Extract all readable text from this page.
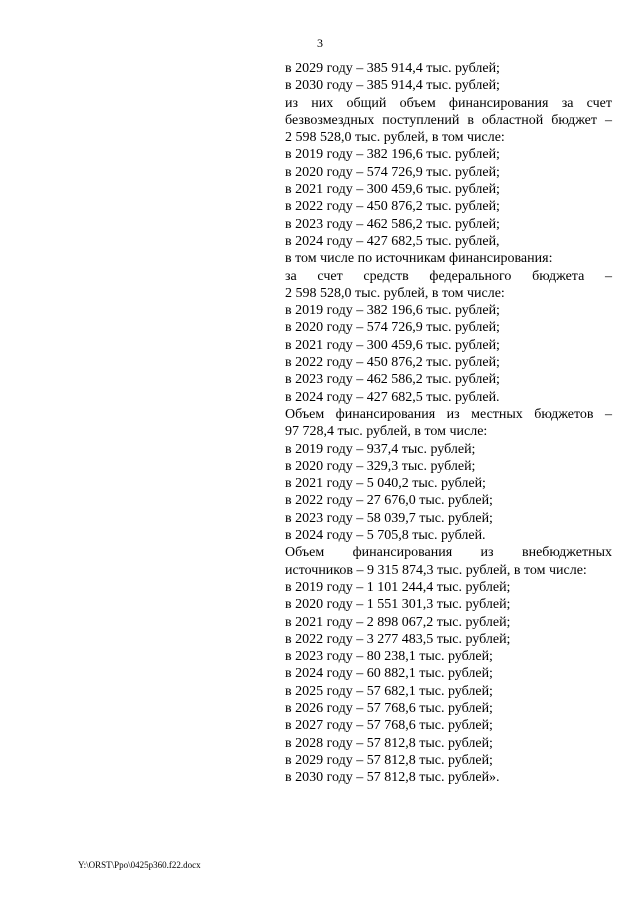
3
в 2029 году – 385 914,4 тыс. рублей;
в 2030 году – 385 914,4 тыс. рублей;
из них общий объем финансирования за счет
безвозмездных поступлений в областной бюджет –
2 598 528,0 тыс. рублей, в том числе:
в 2019 году – 382 196,6 тыс. рублей;
в 2020 году – 574 726,9 тыс. рублей;
в 2021 году – 300 459,6 тыс. рублей;
в 2022 году – 450 876,2 тыс. рублей;
в 2023 году – 462 586,2 тыс. рублей;
в 2024 году – 427 682,5 тыс. рублей,
в том числе по источникам финансирования:
за счет средств федерального бюджета –
2 598 528,0 тыс. рублей, в том числе:
в 2019 году – 382 196,6 тыс. рублей;
в 2020 году – 574 726,9 тыс. рублей;
в 2021 году – 300 459,6 тыс. рублей;
в 2022 году – 450 876,2 тыс. рублей;
в 2023 году – 462 586,2 тыс. рублей;
в 2024 году – 427 682,5 тыс. рублей.
Объем финансирования из местных бюджетов –
97 728,4 тыс. рублей, в том числе:
в 2019 году – 937,4 тыс. рублей;
в 2020 году – 329,3 тыс. рублей;
в 2021 году – 5 040,2 тыс. рублей;
в 2022 году – 27 676,0 тыс. рублей;
в 2023 году – 58 039,7 тыс. рублей;
в 2024 году – 5 705,8 тыс. рублей.
Объем финансирования из внебюджетных
источников – 9 315 874,3 тыс. рублей, в том числе:
в 2019 году – 1 101 244,4 тыс. рублей;
в 2020 году – 1 551 301,3 тыс. рублей;
в 2021 году – 2 898 067,2 тыс. рублей;
в 2022 году – 3 277 483,5 тыс. рублей;
в 2023 году – 80 238,1 тыс. рублей;
в 2024 году – 60 882,1 тыс. рублей;
в 2025 году – 57 682,1 тыс. рублей;
в 2026 году – 57 768,6 тыс. рублей;
в 2027 году – 57 768,6 тыс. рублей;
в 2028 году – 57 812,8 тыс. рублей;
в 2029 году – 57 812,8 тыс. рублей;
в 2030 году – 57 812,8 тыс. рублей».
Y:\ORST\Ppo\0425p360.f22.docx
